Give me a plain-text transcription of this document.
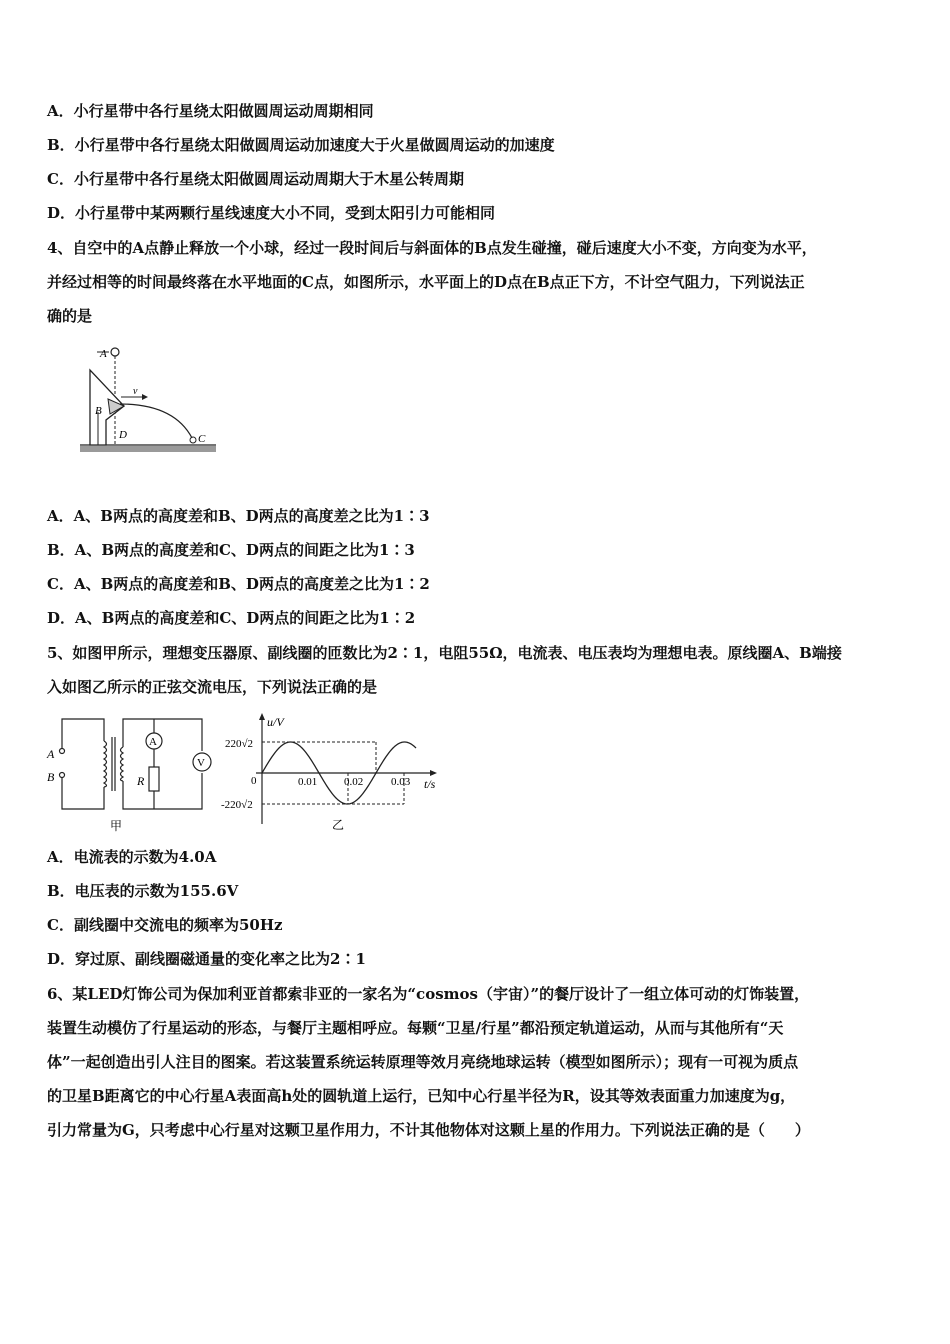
A．小行星带中各行星绕太阳做圆周运动周期相同
B．小行星带中各行星绕太阳做圆周运动加速度大于火星做圆周运动的加速度
C．小行星带中各行星绕太阳做圆周运动周期大于木星公转周期
D．小行星带中某两颗行星线速度大小不同，受到太阳引力可能相同
4、自空中的A点静止释放一个小球，经过一段时间后与斜面体的B点发生碰撞，碰后速度大小不变，方向变为水平，
并经过相等的时间最终落在水平地面的C点，如图所示，水平面上的D点在B点正下方，不计空气阻力，下列说法正
确的是
A
B
v
C
D
A．A、B两点的高度差和B、D两点的高度差之比为1∶3
B．A、B两点的高度差和C、D两点的间距之比为1∶3
C．A、B两点的高度差和B、D两点的高度差之比为1∶2
D．A、B两点的高度差和C、D两点的间距之比为1∶2
5、如图甲所示，理想变压器原、副线圈的匝数比为2∶1，电阻55Ω，电流表、电压表均为理想电表。原线圈A、B端接
入如图乙所示的正弦交流电压，下列说法正确的是
A
B
A
R
V
甲
u/V
t/s
220√2
-220√2
0	0.01 0.02	0.03
乙
A．电流表的示数为4.0A
B．电压表的示数为155.6V
C．副线圈中交流电的频率为50Hz
D．穿过原、副线圈磁通量的变化率之比为2∶1
6、某LED灯饰公司为保加利亚首都索非亚的一家名为“cosmos（宇宙）”的餐厅设计了一组立体可动的灯饰装置，
装置生动模仿了行星运动的形态，与餐厅主题相呼应。每颗“卫星/行星”都沿预定轨道运动，从而与其他所有“天
体”一起创造出引人注目的图案。若这装置系统运转原理等效月亮绕地球运转（模型如图所示）；现有一可视为质点
的卫星B距离它的中心行星A表面高h处的圆轨道上运行，已知中心行星半径为R，设其等效表面重力加速度为g，
引力常量为G，只考虑中心行星对这颗卫星作用力，不计其他物体对这颗上星的作用力。下列说法正确的是（　　）
